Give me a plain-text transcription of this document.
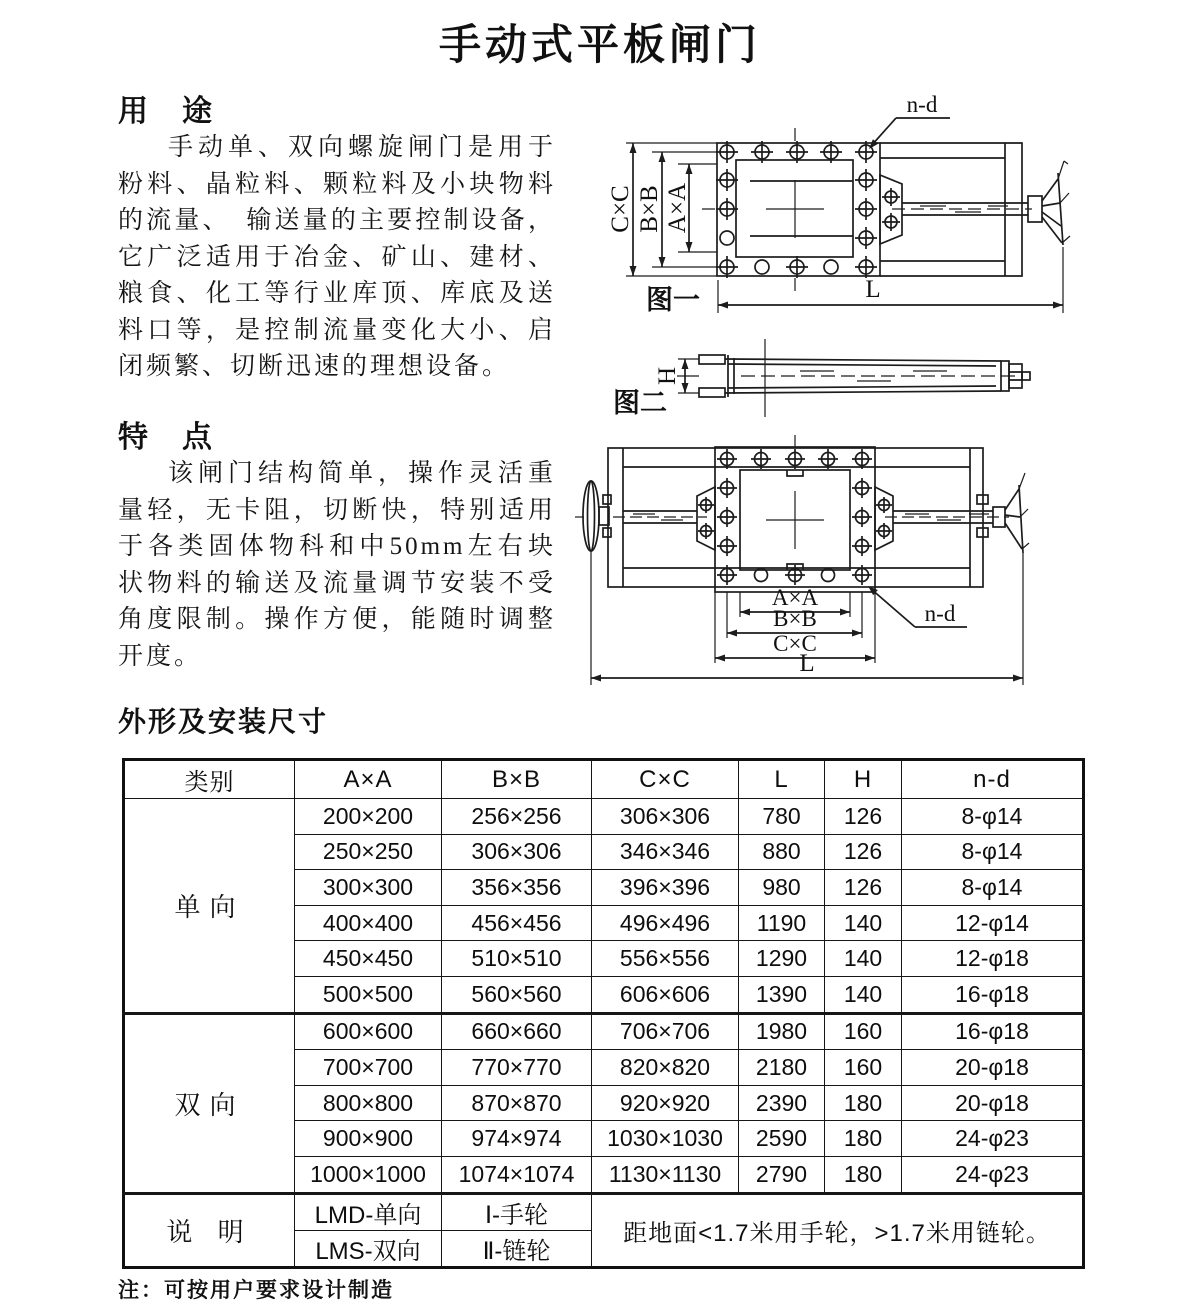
手动式平板闸门
用　途

手动单、双向螺旋闸门是用于粉料、晶粒料、颗粒料及小块物料的流量、　输送量的主要控制设备，它广泛适用于冶金、矿山、建材、粮食、化工等行业库顶、库底及送料口等，是控制流量变化大小、启闭频繁、切断迅速的理想设备。

特　点

该闸门结构简单，操作灵活重量轻，无卡阻，切断快，特别适用于各类固体物科和中50mm左右块状物料的输送及流量调节安装不受角度限制。操作方便，能随时调整开度。

C×C B×B A×A
L
n-d
图一
H
图二
A×A
B×B
C×C
L
n-d
外形及安装尺寸
类别	A×A	B×B	C×C	L	H	n-d
单向	200×200	256×256	306×306	780	126	8-φ14
	250×250	306×306	346×346	880	126	8-φ14
	300×300	356×356	396×396	980	126	8-φ14
	400×400	456×456	496×496	1190	140	12-φ14
	450×450	510×510	556×556	1290	140	12-φ18
	500×500	560×560	606×606	1390	140	16-φ18
双向	600×600	660×660	706×706	1980	160	16-φ18
	700×700	770×770	820×820	2180	160	20-φ18
	800×800	870×870	920×920	2390	180	20-φ18
	900×900	974×974	1030×1030	2590	180	24-φ23
	1000×1000	1074×1074	1130×1130	2790	180	24-φ23
说 明	LMD-单向	Ⅰ-手轮	距地面<1.7米用手轮，>1.7米用链轮。			
	LMS-双向	Ⅱ-链轮				
注：可按用户要求设计制造
